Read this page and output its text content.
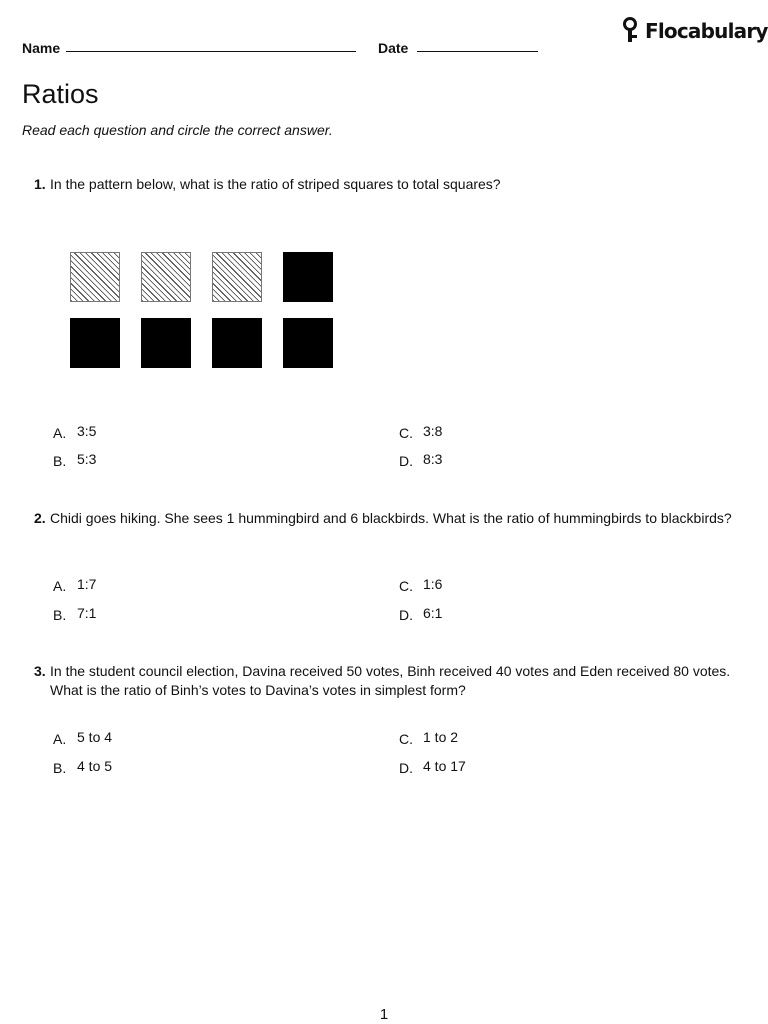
Name	Date
Flocabulary
Ratios

Read each question and circle the correct answer.

1. In the pattern below, what is the ratio of striped squares to total squares?

A. 3:5
B. 5:3
C. 3:8
D. 8:3
2. Chidi goes hiking. She sees 1 hummingbird and 6 blackbirds. What is the ratio of hummingbirds to blackbirds?

A. 1:7
B. 7:1
C. 1:6
D. 6:1
3. In the student council election, Davina received 50 votes, Binh received 40 votes and Eden received 80 votes. What is the ratio of Binh’s votes to Davina’s votes in simplest form?

A. 5 to 4
B. 4 to 5
C. 1 to 2
D. 4 to 17
1
